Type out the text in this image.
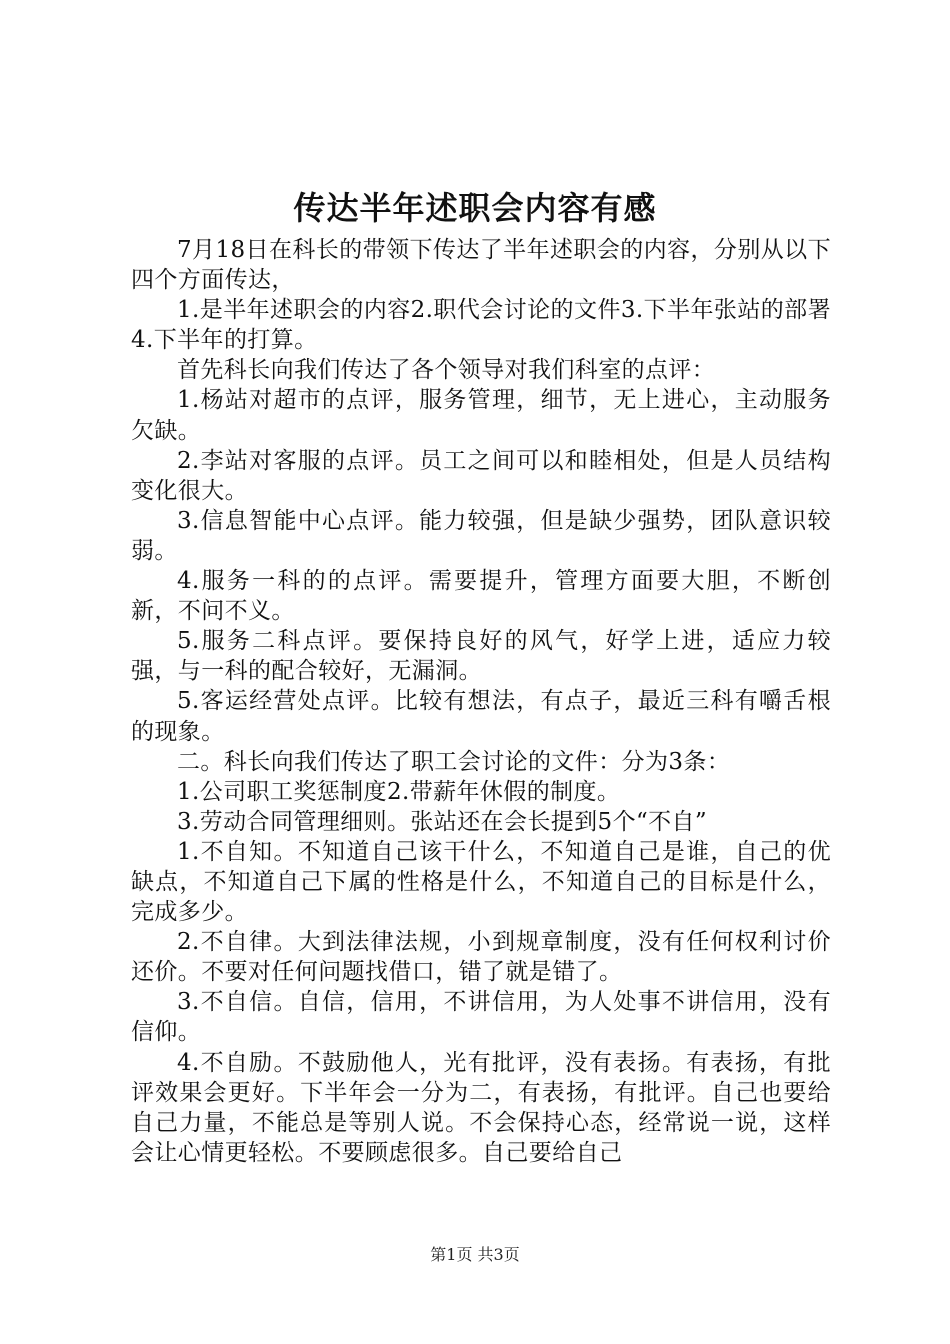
传达半年述职会内容有感

7月18日在科长的带领下传达了半年述职会的内容，分别从以下四个方面传达，

1.是半年述职会的内容2.职代会讨论的文件3.下半年张站的部署4.下半年的打算。

首先科长向我们传达了各个领导对我们科室的点评：

1.杨站对超市的点评，服务管理，细节，无上进心，主动服务欠缺。

2.李站对客服的点评。员工之间可以和睦相处，但是人员结构变化很大。

3.信息智能中心点评。能力较强，但是缺少强势，团队意识较弱。

4.服务一科的的点评。需要提升，管理方面要大胆，不断创新，不问不义。

5.服务二科点评。要保持良好的风气，好学上进，适应力较强，与一科的配合较好，无漏洞。

5.客运经营处点评。比较有想法，有点子，最近三科有嚼舌根的现象。

二。科长向我们传达了职工会讨论的文件：分为3条：

1.公司职工奖惩制度2.带薪年休假的制度。

3.劳动合同管理细则。张站还在会长提到5个“不自”

1.不自知。不知道自己该干什么，不知道自己是谁，自己的优缺点，不知道自己下属的性格是什么，不知道自己的目标是什么，完成多少。

2.不自律。大到法律法规，小到规章制度，没有任何权利讨价还价。不要对任何问题找借口，错了就是错了。

3.不自信。自信，信用，不讲信用，为人处事不讲信用，没有信仰。

4.不自励。不鼓励他人，光有批评，没有表扬。有表扬，有批评效果会更好。下半年会一分为二，有表扬，有批评。自己也要给自己力量，不能总是等别人说。不会保持心态，经常说一说，这样会让心情更轻松。不要顾虑很多。自己要给自己

第1页 共3页
